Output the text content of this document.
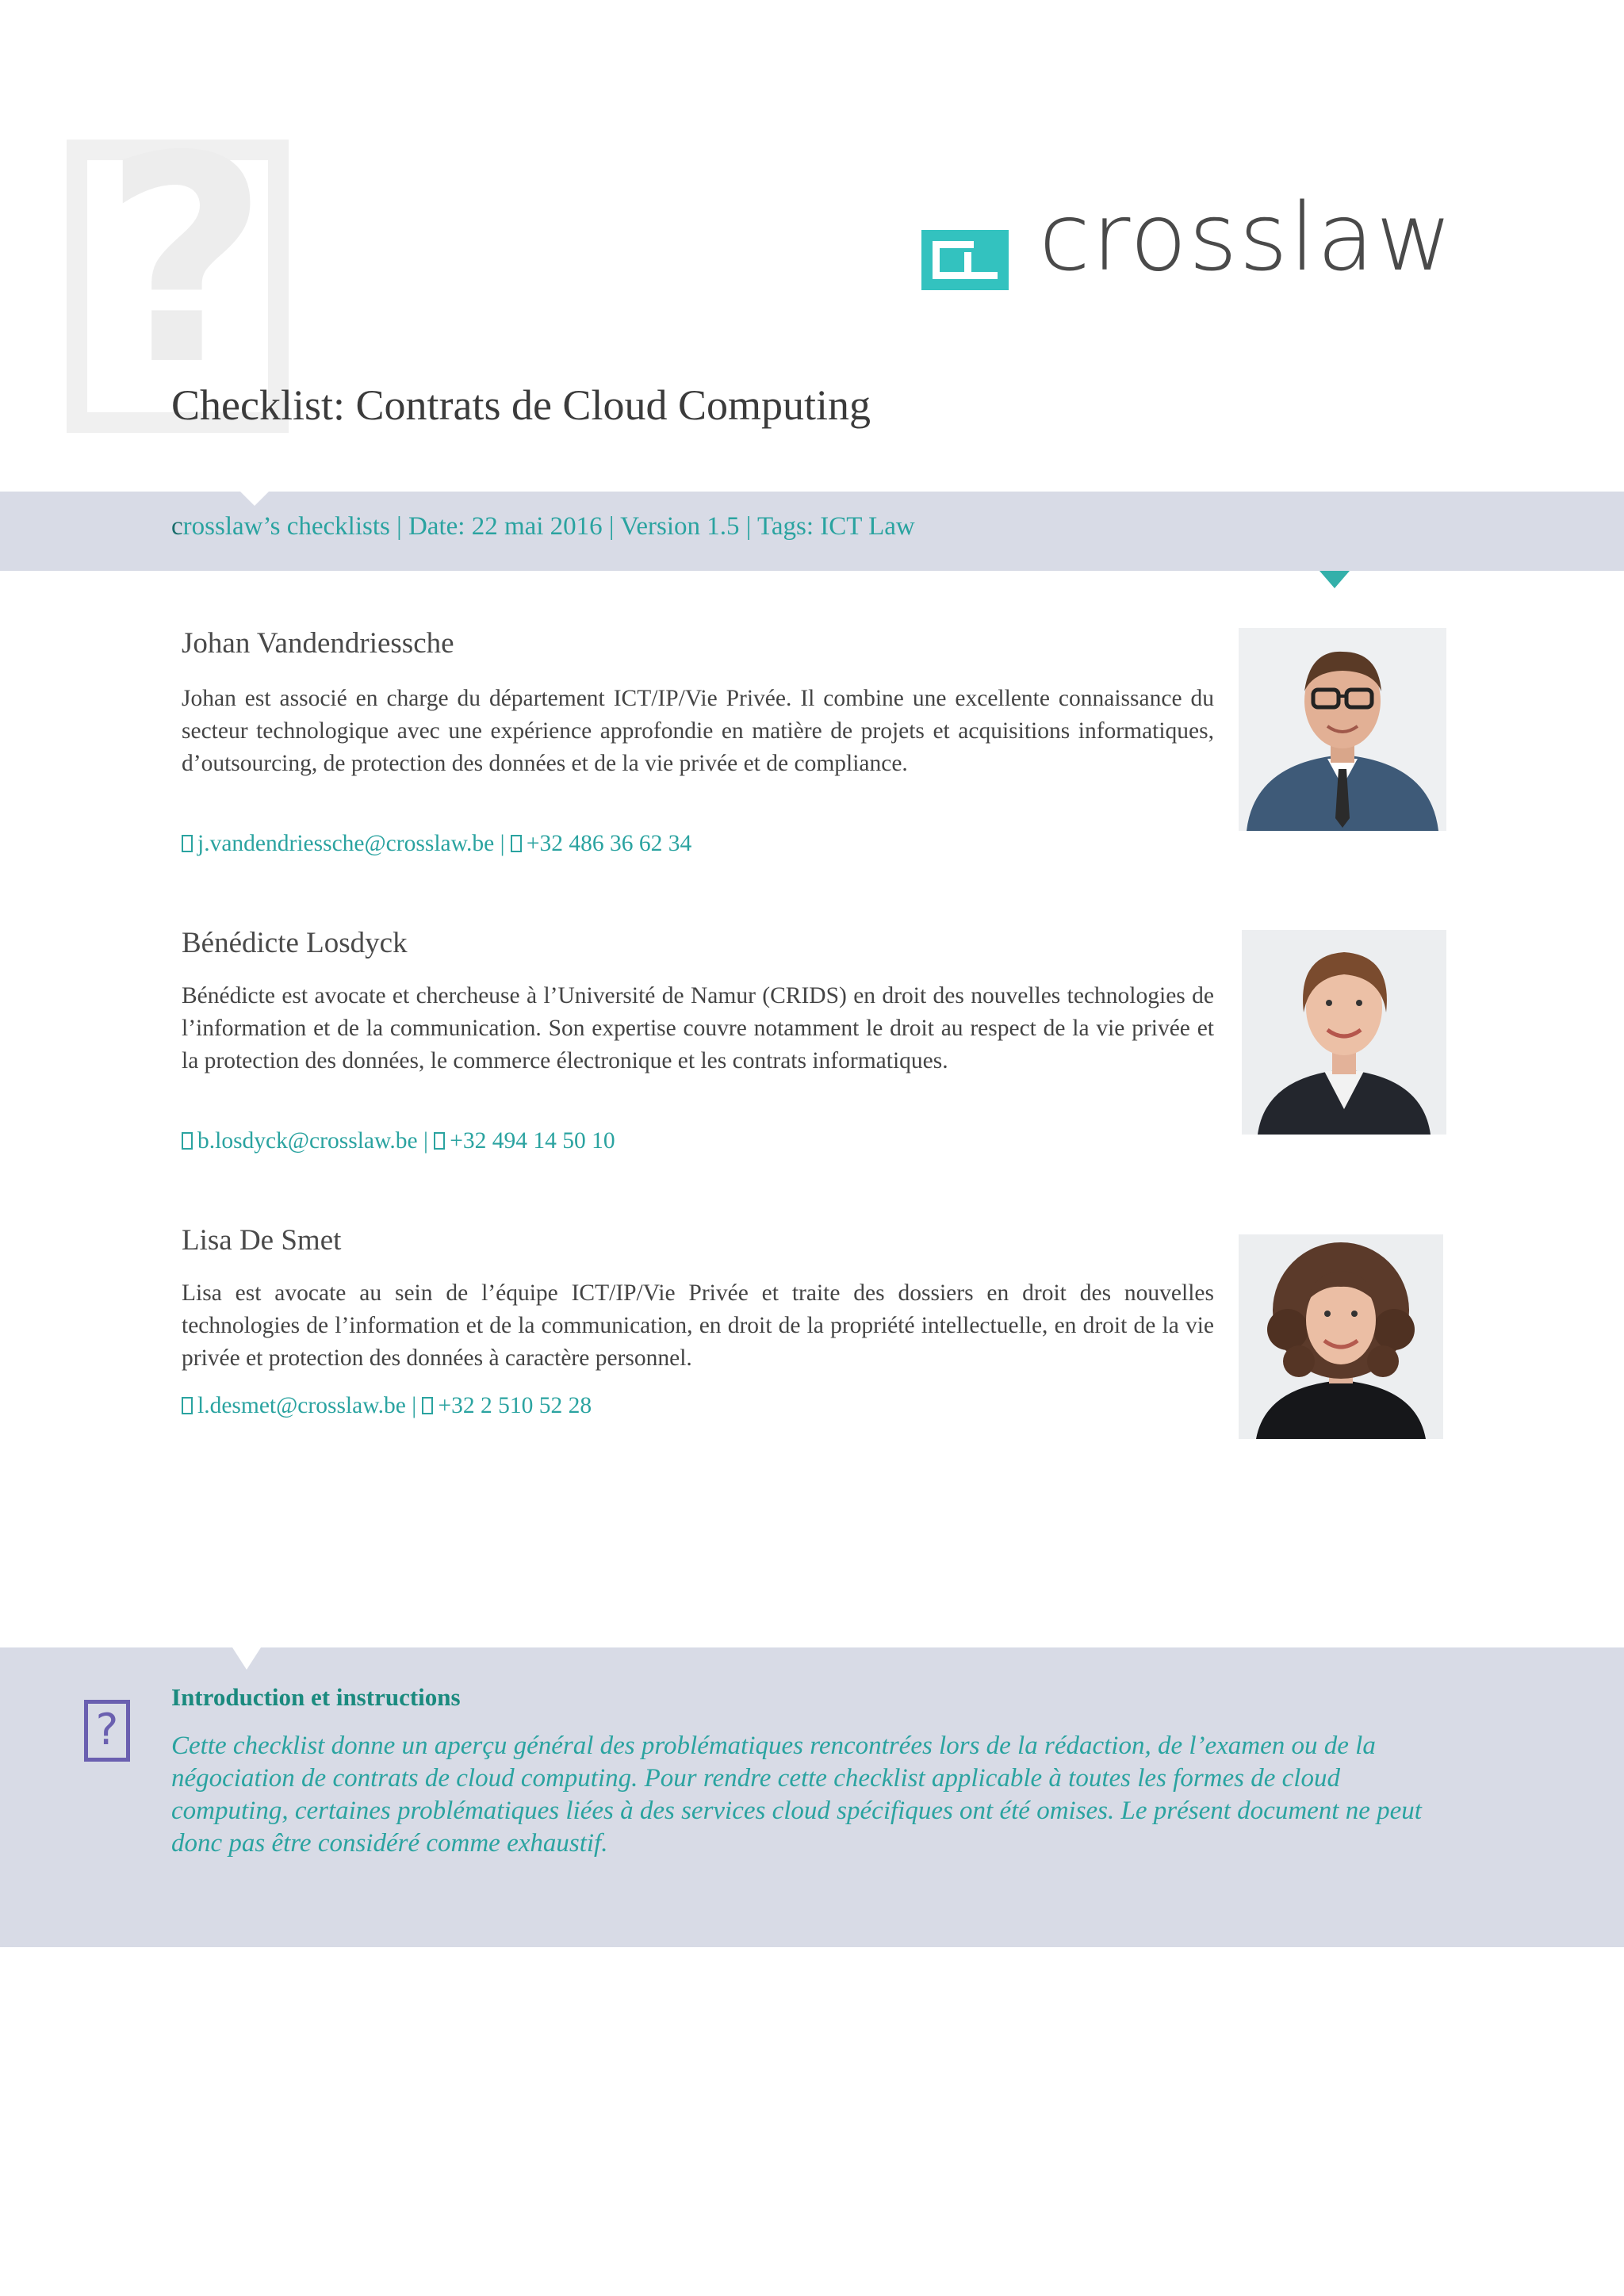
?	crosslaw
Checklist: Contrats de Cloud Computing
crosslaw’s checklists | Date: 22 mai 2016 | Version 1.5 | Tags: ICT Law
Johan Vandendriessche
Johan est associé en charge du département ICT/IP/Vie Privée. Il combine une excellente connaissance du secteur technologique avec une expérience approfondie en matière de projets et acquisitions informatiques, d’outsourcing, de protection des données et de la vie privée et de compliance.
j.vandendriessche@crosslaw.be | +32 486 36 62 34
Bénédicte Losdyck
Bénédicte est avocate et chercheuse à l’Université de Namur (CRIDS) en droit des nouvelles technologies de l’information et de la communication. Son expertise couvre notamment le droit au respect de la vie privée et la protection des données, le commerce électronique et les contrats informatiques.
b.losdyck@crosslaw.be | +32 494 14 50 10
Lisa De Smet
Lisa est avocate au sein de l’équipe ICT/IP/Vie Privée et traite des dossiers en droit des nouvelles technologies de l’information et de la communication, en droit de la propriété intellectuelle, en droit de la vie privée et protection des données à caractère personnel.
l.desmet@crosslaw.be | +32 2 510 52 28
?
Introduction et instructions
Cette checklist donne un aperçu général des problématiques rencontrées lors de la rédaction, de l’examen ou de la négociation de contrats de cloud computing. Pour rendre cette checklist applicable à toutes les formes de cloud computing, certaines problématiques liées à des services cloud spécifiques ont été omises. Le présent document ne peut donc pas être considéré comme exhaustif.
